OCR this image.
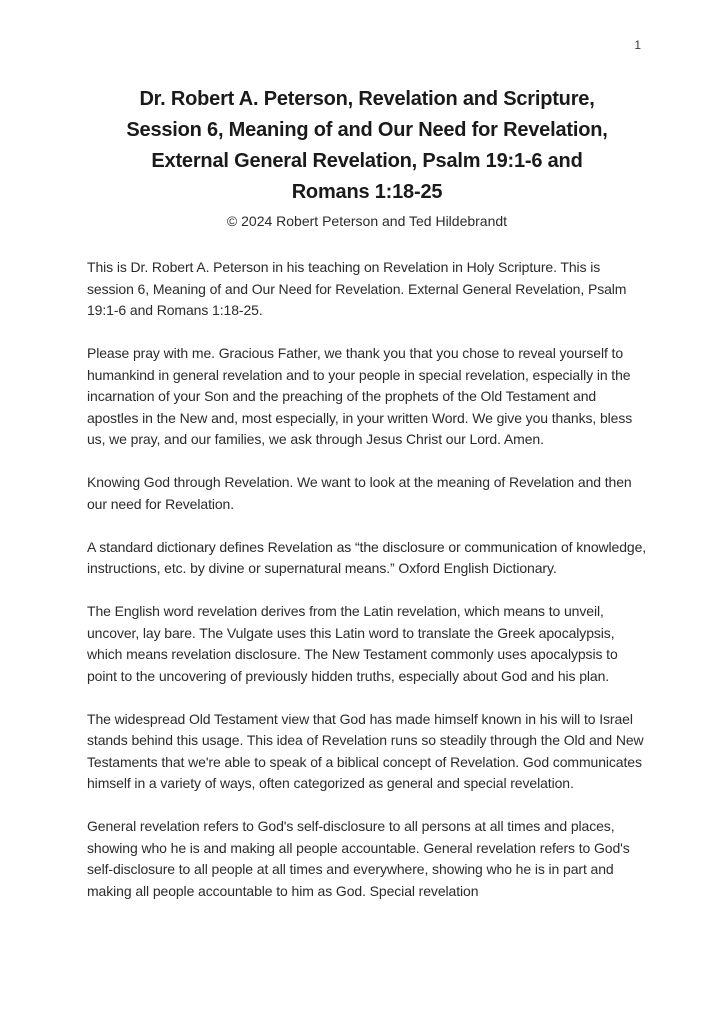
1
Dr. Robert A. Peterson, Revelation and Scripture,
Session 6, Meaning of and Our Need for Revelation,
External General Revelation, Psalm 19:1-6 and
Romans 1:18-25
© 2024 Robert Peterson and Ted Hildebrandt

This is Dr. Robert A. Peterson in his teaching on Revelation in Holy Scripture. This is session 6, Meaning of and Our Need for Revelation. External General Revelation, Psalm 19:1-6 and Romans 1:18-25.

Please pray with me. Gracious Father, we thank you that you chose to reveal yourself to humankind in general revelation and to your people in special revelation, especially in the incarnation of your Son and the preaching of the prophets of the Old Testament and apostles in the New and, most especially, in your written Word. We give you thanks, bless us, we pray, and our families, we ask through Jesus Christ our Lord. Amen.

Knowing God through Revelation. We want to look at the meaning of Revelation and then our need for Revelation.

A standard dictionary defines Revelation as “the disclosure or communication of knowledge, instructions, etc. by divine or supernatural means.” Oxford English Dictionary.

The English word revelation derives from the Latin revelation, which means to unveil, uncover, lay bare. The Vulgate uses this Latin word to translate the Greek apocalypsis, which means revelation disclosure. The New Testament commonly uses apocalypsis to point to the uncovering of previously hidden truths, especially about God and his plan.

The widespread Old Testament view that God has made himself known in his will to Israel stands behind this usage. This idea of Revelation runs so steadily through the Old and New Testaments that we're able to speak of a biblical concept of Revelation. God communicates himself in a variety of ways, often categorized as general and special revelation.

General revelation refers to God's self-disclosure to all persons at all times and places, showing who he is and making all people accountable. General revelation refers to God's self-disclosure to all people at all times and everywhere, showing who he is in part and making all people accountable to him as God. Special revelation
